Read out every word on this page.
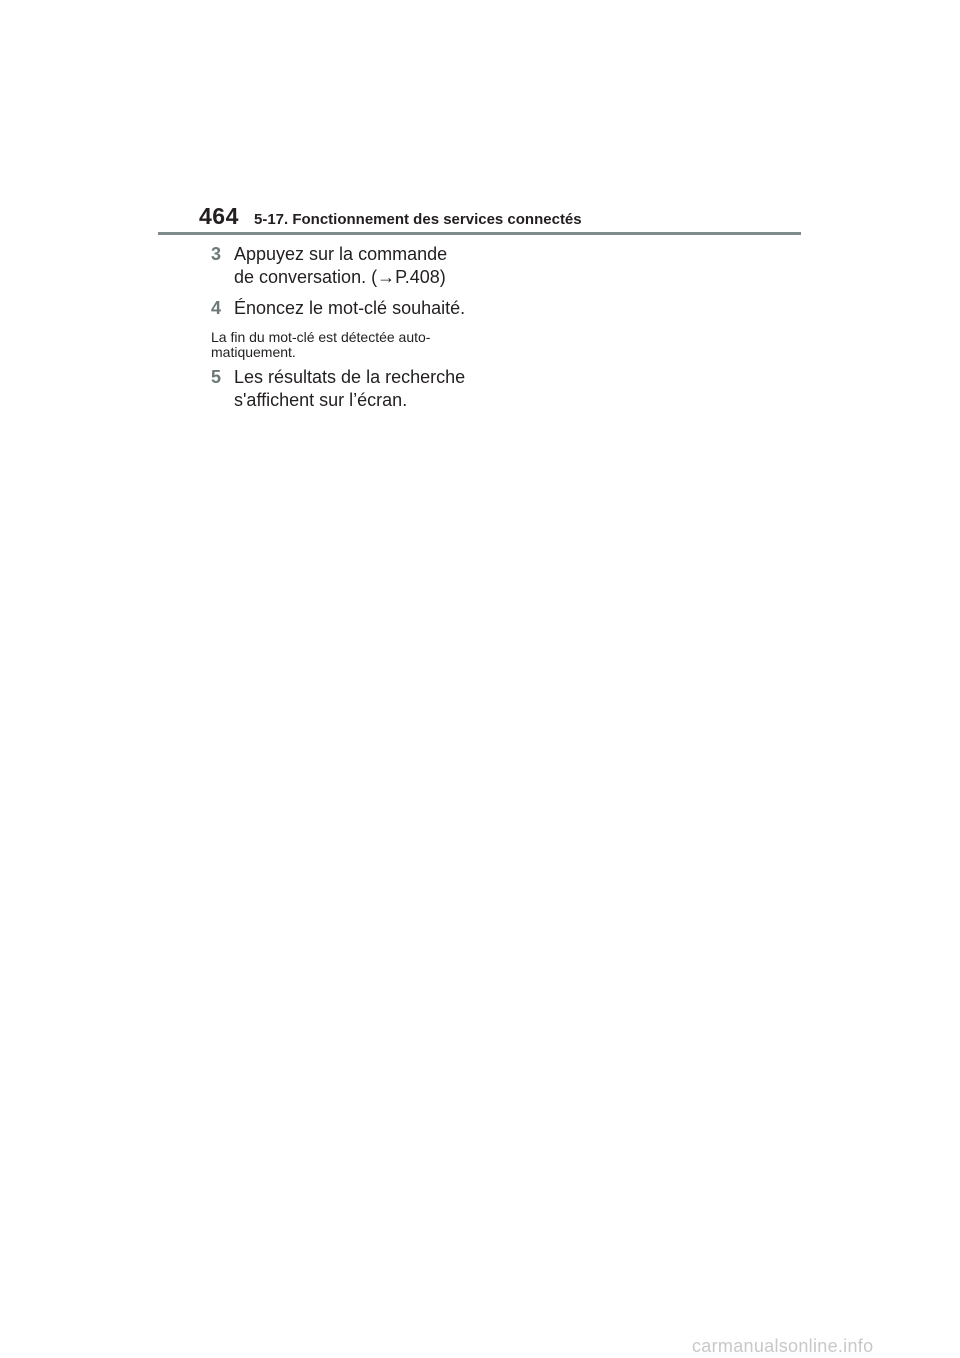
464 5-17. Fonctionnement des services connectés
3 Appuyez sur la commande
de conversation. (→P.408)
4 Énoncez le mot-clé souhaité.
La fin du mot-clé est détectée auto-
matiquement.
5 Les résultats de la recherche
s'affichent sur l’écran.
carmanualsonline.info
